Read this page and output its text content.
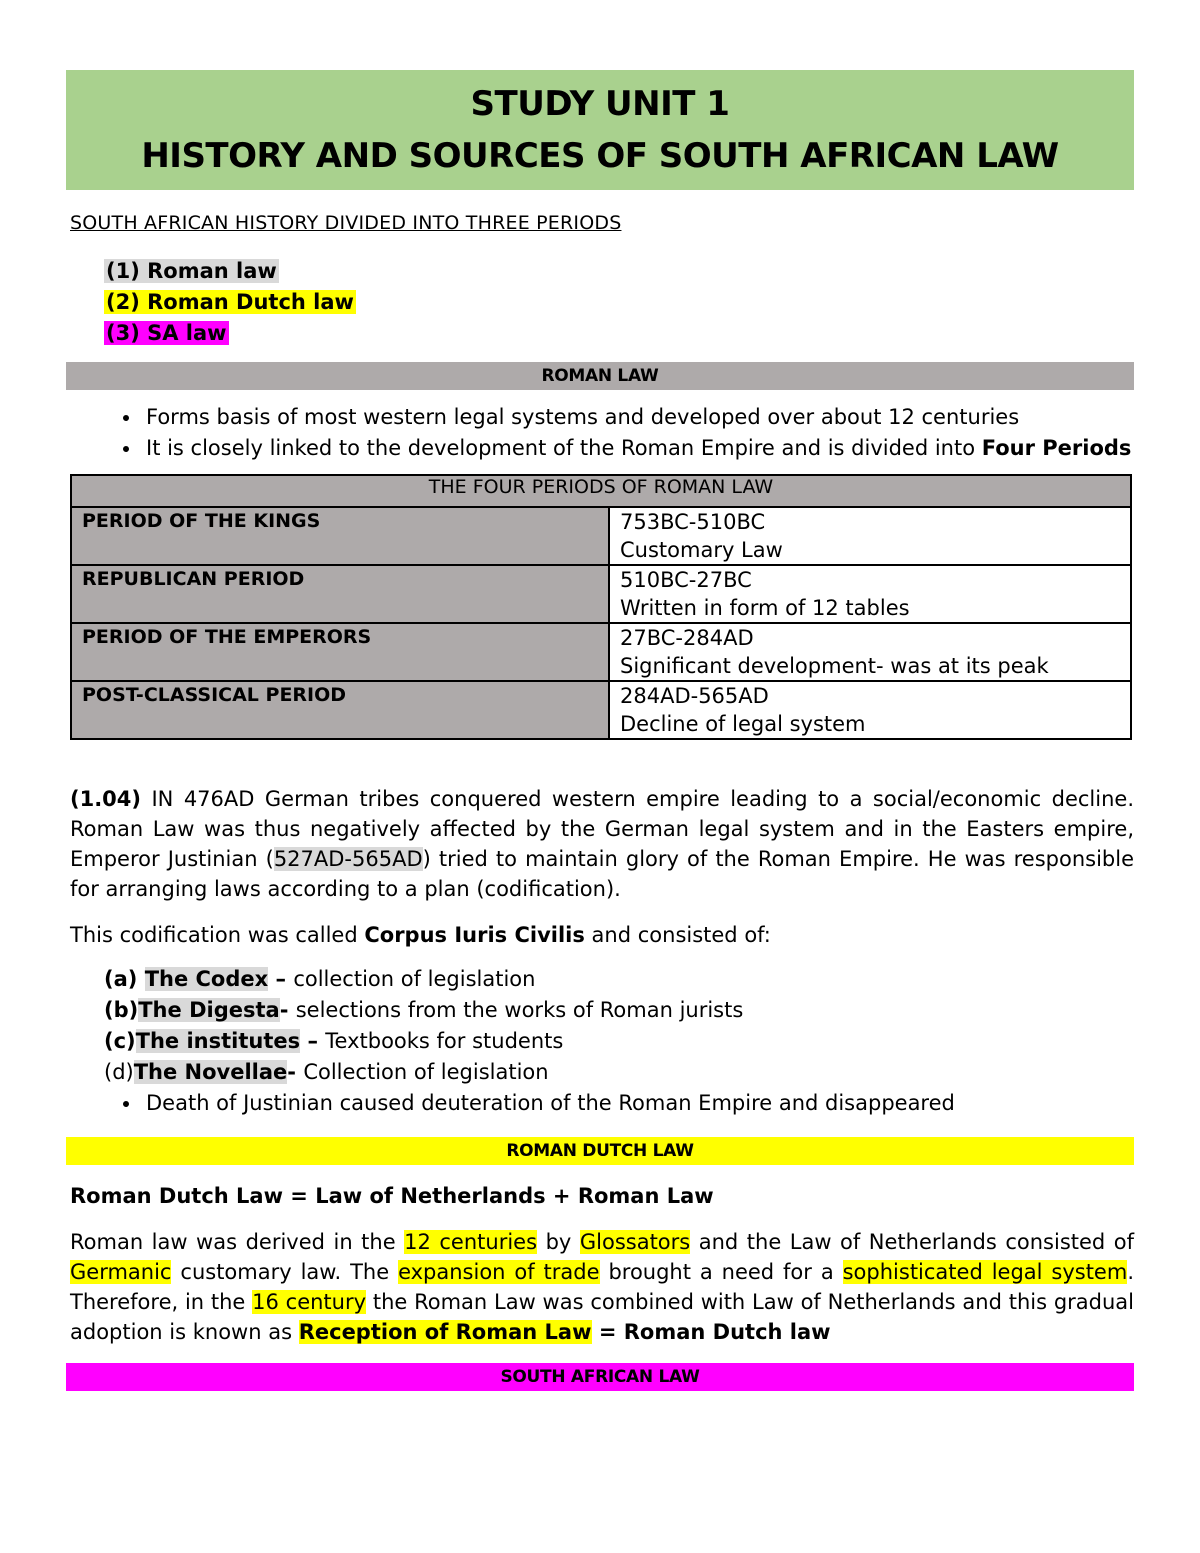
STUDY UNIT 1
HISTORY AND SOURCES OF SOUTH AFRICAN LAW
SOUTH AFRICAN HISTORY DIVIDED INTO THREE PERIODS
(1) Roman law
(2) Roman Dutch law
(3) SA law
ROMAN LAW
• Forms basis of most western legal systems and developed over about 12 centuries
• It is closely linked to the development of the Roman Empire and is divided into Four Periods
THE FOUR PERIODS OF ROMAN LAW	
PERIOD OF THE KINGS	753BC-510BC
Customary Law

REPUBLICAN PERIOD	510BC-27BC
Written in form of 12 tables

PERIOD OF THE EMPERORS	27BC-284AD
Significant development- was at its peak

POST-CLASSICAL PERIOD	284AD-565AD
Decline of legal system
(1.04) IN 476AD German tribes conquered western empire leading to a social/economic decline. Roman Law was thus negatively affected by the German legal system and in the Easters empire, Emperor Justinian (527AD-565AD) tried to maintain glory of the Roman Empire. He was responsible for arranging laws according to a plan (codification).
This codification was called Corpus Iuris Civilis and consisted of:
(a) The Codex – collection of legislation
(b)The Digesta- selections from the works of Roman jurists
(c)The institutes – Textbooks for students
(d)The Novellae- Collection of legislation
• Death of Justinian caused deuteration of the Roman Empire and disappeared
ROMAN DUTCH LAW
Roman Dutch Law = Law of Netherlands + Roman Law
Roman law was derived in the 12 centuries by Glossators and the Law of Netherlands consisted of Germanic customary law. The expansion of trade brought a need for a sophisticated legal system. Therefore, in the 16 century the Roman Law was combined with Law of Netherlands and this gradual adoption is known as Reception of Roman Law = Roman Dutch law
SOUTH AFRICAN LAW
